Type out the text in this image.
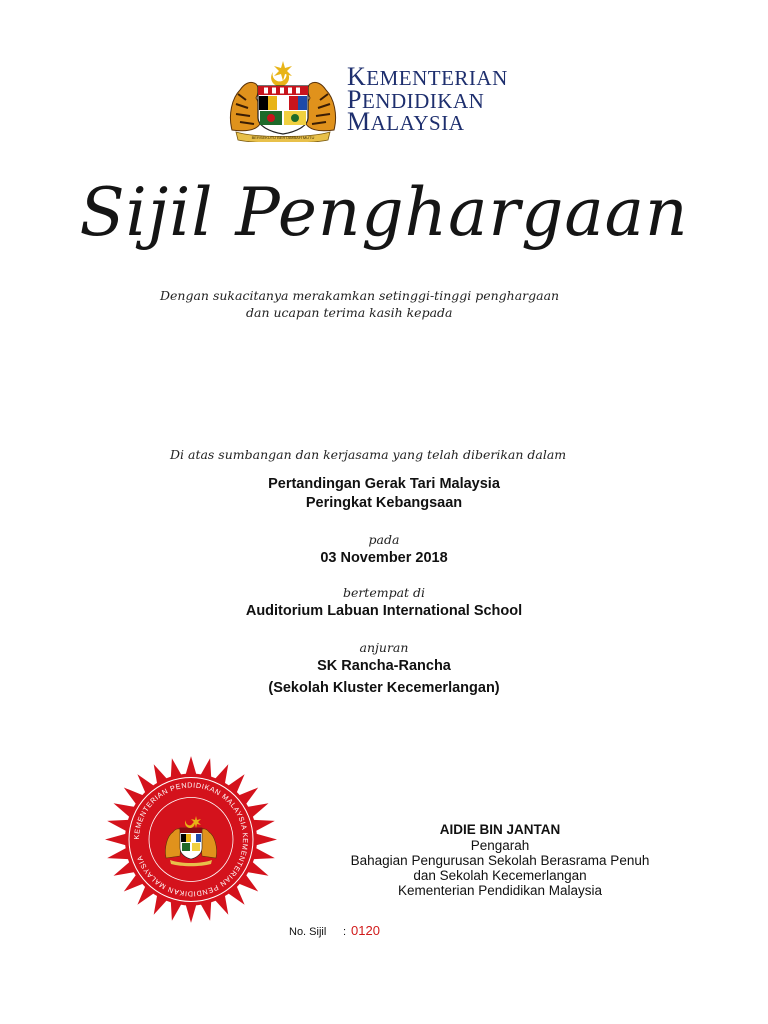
BERSEKUTU BERTAMBAH MUTU
KEMENTERIAN
PENDIDIKAN
MALAYSIA
Sijil Penghargaan
Dengan sukacitanya merakamkan setinggi-tinggi penghargaan
dan ucapan terima kasih kepada
Di atas sumbangan dan kerjasama yang telah diberikan dalam
Pertandingan Gerak Tari Malaysia
Peringkat Kebangsaan
pada
03 November 2018
bertempat di
Auditorium Labuan International School
anjuran
SK Rancha-Rancha
(Sekolah Kluster Kecemerlangan)
KEMENTERIAN PENDIDIKAN MALAYSIA KEMENTERIAN PENDIDIKAN MALAYSIA
AIDIE BIN JANTAN
Pengarah
Bahagian Pengurusan Sekolah Berasrama Penuh
dan Sekolah Kecemerlangan
Kementerian Pendidikan Malaysia
No. Sijil : 0120
